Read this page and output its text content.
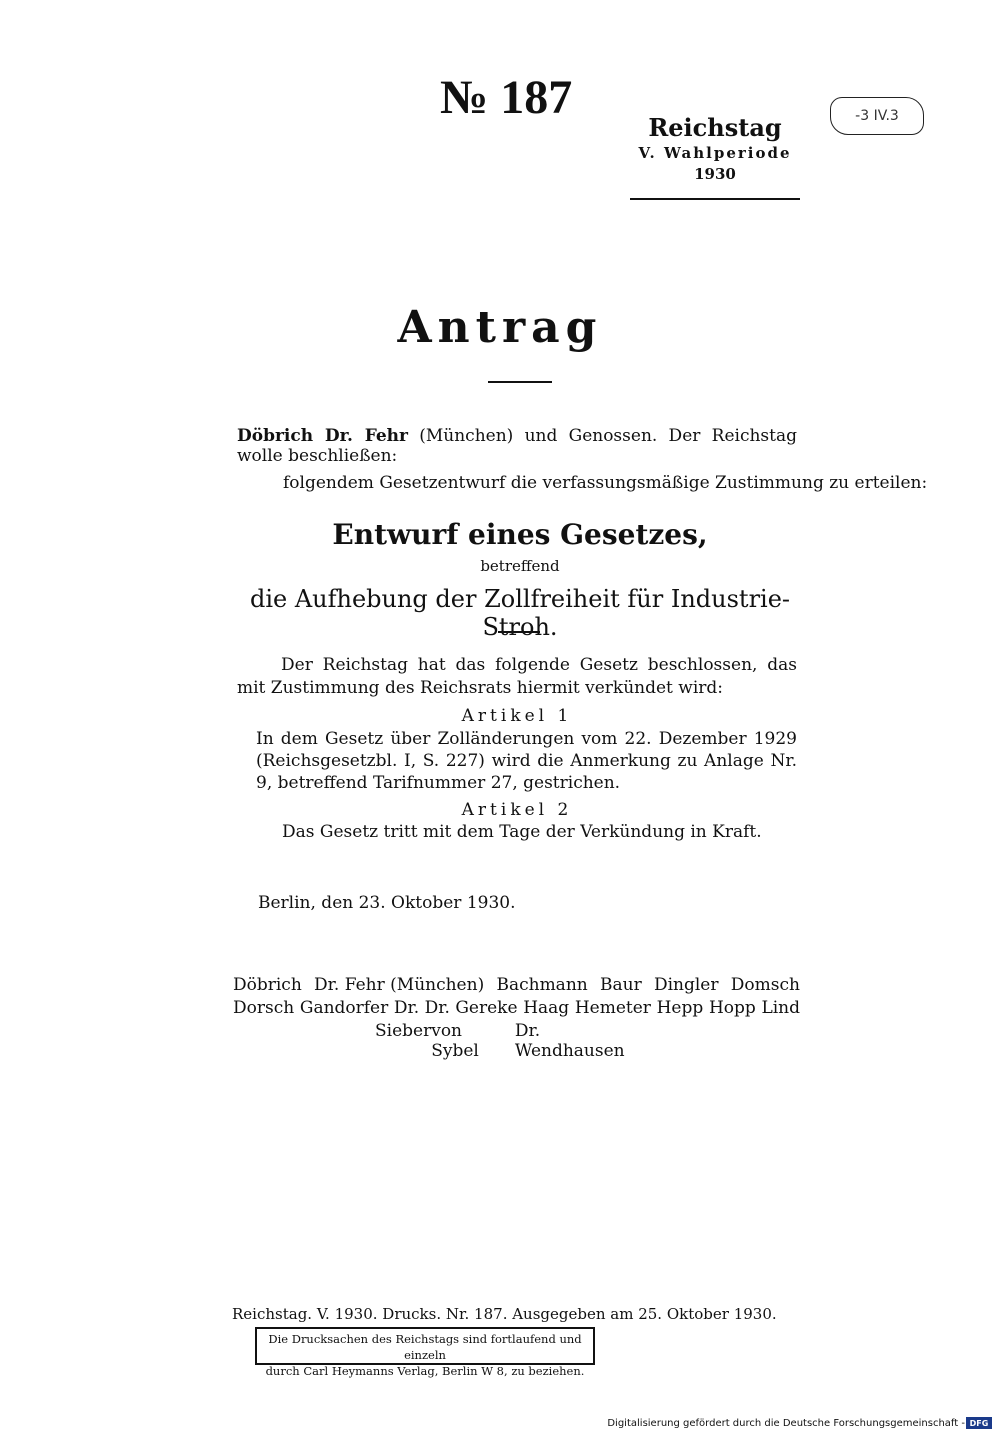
№ 187
Reichstag
V. Wahlperiode
1930
-3 IV.3
Antrag
Döbrich Dr. Fehr (München) und Genossen. Der Reichstag wolle beschließen:
folgendem Gesetzentwurf die verfassungsmäßige Zustimmung zu erteilen:
Entwurf eines Gesetzes,
betreffend
die Aufhebung der Zollfreiheit für Industrie-Stroh.
Der Reichstag hat das folgende Gesetz beschlossen, das mit Zustimmung des Reichsrats hiermit verkündet wird:
Artikel 1
In dem Gesetz über Zolländerungen vom 22. Dezember 1929 (Reichsgesetzbl. I, S. 227) wird die Anmerkung zu Anlage Nr. 9, betreffend Tarifnummer 27, gestrichen.
Artikel 2
Das Gesetz tritt mit dem Tage der Verkündung in Kraft.
Berlin, den 23. Oktober 1930.
Döbrich Dr. Fehr (München) Bachmann Baur Dingler Domsch
Dorsch Gandorfer Dr. Dr. Gereke Haag Hemeter Hepp Hopp Lind
Sieber von Sybel
Dr. Wendhausen
Reichstag. V. 1930. Drucks. Nr. 187. Ausgegeben am 25. Oktober 1930.
Die Drucksachen des Reichstags sind fortlaufend und einzeln
durch Carl Heymanns Verlag, Berlin W 8, zu beziehen.
Digitalisierung gefördert durch die Deutsche Forschungsgemeinschaft - DFG
